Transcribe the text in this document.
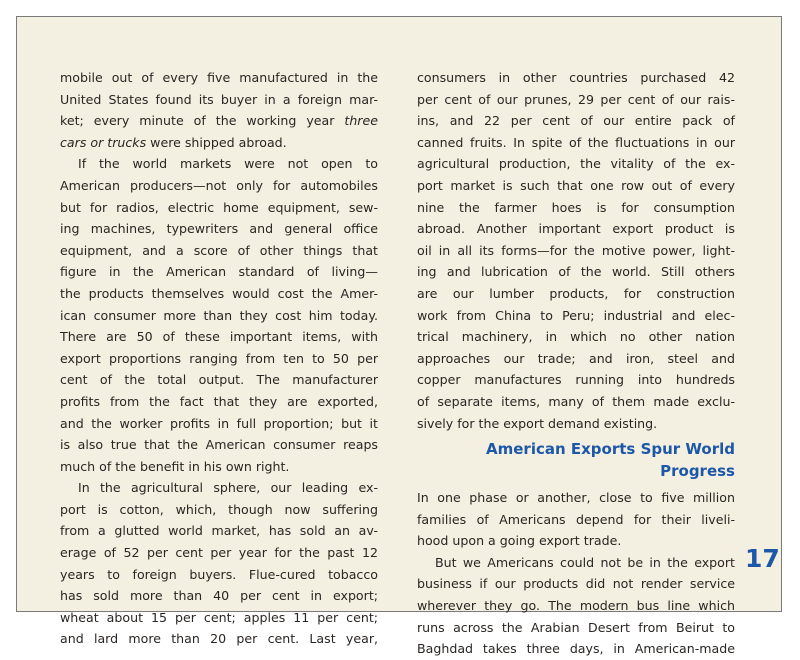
mobile out of every five manufactured in the
United States found its buyer in a foreign mar-
ket; every minute of the working year three
cars or trucks were shipped abroad.
If the world markets were not open to
American producers—not only for automobiles
but for radios, electric home equipment, sew-
ing machines, typewriters and general office
equipment, and a score of other things that
figure in the American standard of living—
the products themselves would cost the Amer-
ican consumer more than they cost him today.
There are 50 of these important items, with
export proportions ranging from ten to 50 per
cent of the total output. The manufacturer
profits from the fact that they are exported,
and the worker profits in full proportion; but it
is also true that the American consumer reaps
much of the benefit in his own right.
In the agricultural sphere, our leading ex-
port is cotton, which, though now suffering
from a glutted world market, has sold an av-
erage of 52 per cent per year for the past 12
years to foreign buyers. Flue-cured tobacco
has sold more than 40 per cent in export;
wheat about 15 per cent; apples 11 per cent;
and lard more than 20 per cent. Last year,
consumers in other countries purchased 42
per cent of our prunes, 29 per cent of our rais-
ins, and 22 per cent of our entire pack of
canned fruits. In spite of the fluctuations in our
agricultural production, the vitality of the ex-
port market is such that one row out of every
nine the farmer hoes is for consumption
abroad. Another important export product is
oil in all its forms—for the motive power, light-
ing and lubrication of the world. Still others
are our lumber products, for construction
work from China to Peru; industrial and elec-
trical machinery, in which no other nation
approaches our trade; and iron, steel and
copper manufactures running into hundreds
of separate items, many of them made exclu-
sively for the export demand existing.
American Exports Spur World Progress
In one phase or another, close to five million
families of Americans depend for their liveli-
hood upon a going export trade.
But we Americans could not be in the export
business if our products did not render service
wherever they go. The modern bus line which
runs across the Arabian Desert from Beirut to
Baghdad takes three days, in American-made
17
